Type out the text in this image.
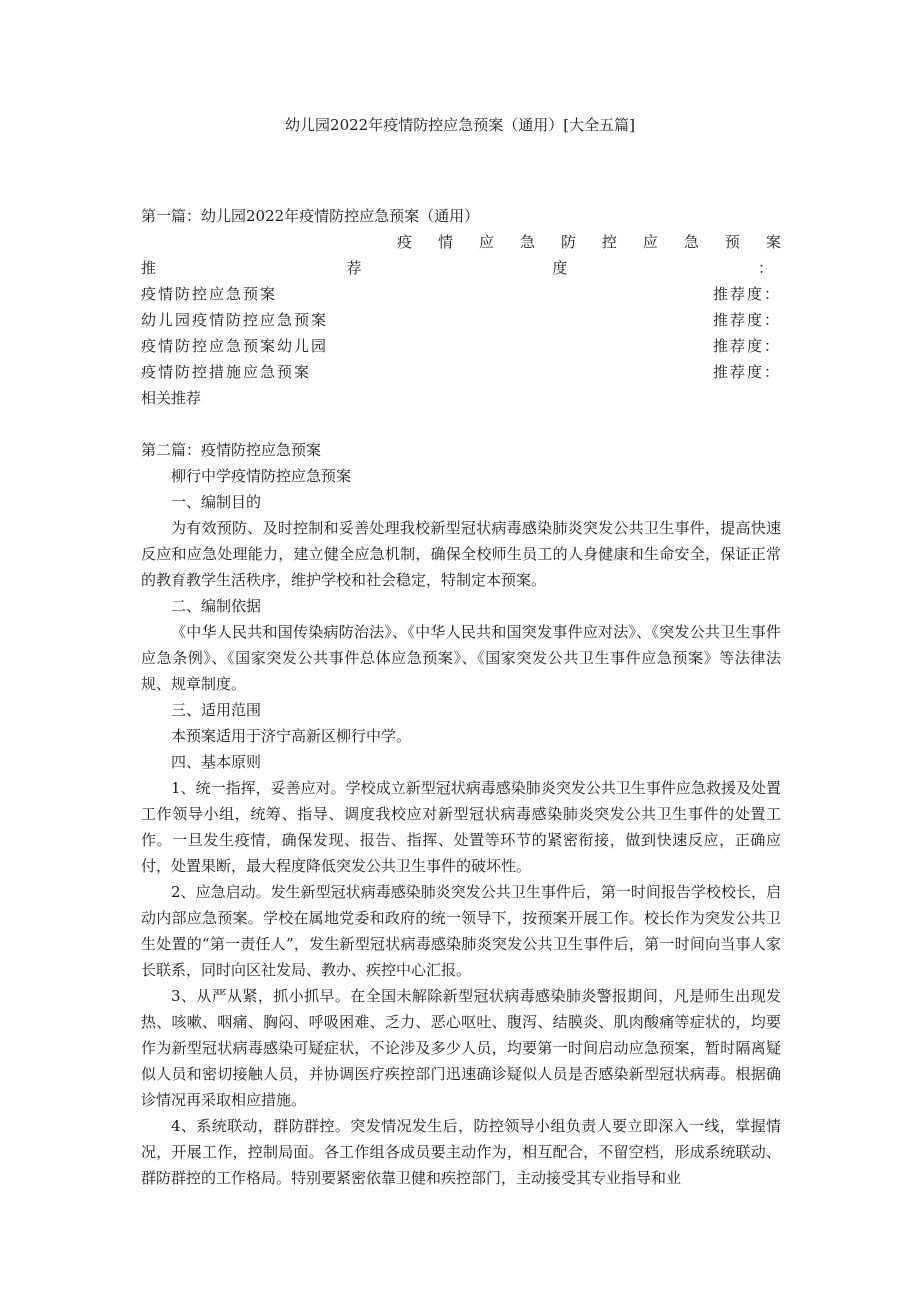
幼儿园2022年疫情防控应急预案（通用）[大全五篇]
第一篇：幼儿园2022年疫情防控应急预案（通用）
疫 情 应 急 防 控 应 急 预 案
推	荐	度	：
疫情防控应急预案	推荐度：
幼儿园疫情防控应急预案	推荐度：
疫情防控应急预案幼儿园	推荐度：
疫情防控措施应急预案	推荐度：
相关推荐

第二篇：疫情防控应急预案

柳行中学疫情防控应急预案

一、编制目的

为有效预防、及时控制和妥善处理我校新型冠状病毒感染肺炎突发公共卫生事件，提高快速反应和应急处理能力，建立健全应急机制，确保全校师生员工的人身健康和生命安全，保证正常的教育教学生活秩序，维护学校和社会稳定，特制定本预案。

二、编制依据

《中华人民共和国传染病防治法》、《中华人民共和国突发事件应对法》、《突发公共卫生事件应急条例》、《国家突发公共事件总体应急预案》、《国家突发公共卫生事件应急预案》等法律法规、规章制度。

三、适用范围

本预案适用于济宁高新区柳行中学。

四、基本原则

1、统一指挥，妥善应对。学校成立新型冠状病毒感染肺炎突发公共卫生事件应急救援及处置工作领导小组，统筹、指导、调度我校应对新型冠状病毒感染肺炎突发公共卫生事件的处置工作。一旦发生疫情，确保发现、报告、指挥、处置等环节的紧密衔接，做到快速反应，正确应付，处置果断，最大程度降低突发公共卫生事件的破坏性。

2、应急启动。发生新型冠状病毒感染肺炎突发公共卫生事件后，第一时间报告学校校长，启动内部应急预案。学校在属地党委和政府的统一领导下，按预案开展工作。校长作为突发公共卫生处置的“第一责任人”，发生新型冠状病毒感染肺炎突发公共卫生事件后，第一时间向当事人家长联系，同时向区社发局、教办、疾控中心汇报。

3、从严从紧，抓小抓早。在全国未解除新型冠状病毒感染肺炎警报期间，凡是师生出现发热、咳嗽、咽痛、胸闷、呼吸困难、乏力、恶心呕吐、腹泻、结膜炎、肌肉酸痛等症状的，均要作为新型冠状病毒感染可疑症状，不论涉及多少人员，均要第一时间启动应急预案，暂时隔离疑似人员和密切接触人员，并协调医疗疾控部门迅速确诊疑似人员是否感染新型冠状病毒。根据确诊情况再采取相应措施。

4、系统联动，群防群控。突发情况发生后，防控领导小组负责人要立即深入一线，掌握情况，开展工作，控制局面。各工作组各成员要主动作为，相互配合，不留空档，形成系统联动、群防群控的工作格局。特别要紧密依靠卫健和疾控部门，主动接受其专业指导和业
